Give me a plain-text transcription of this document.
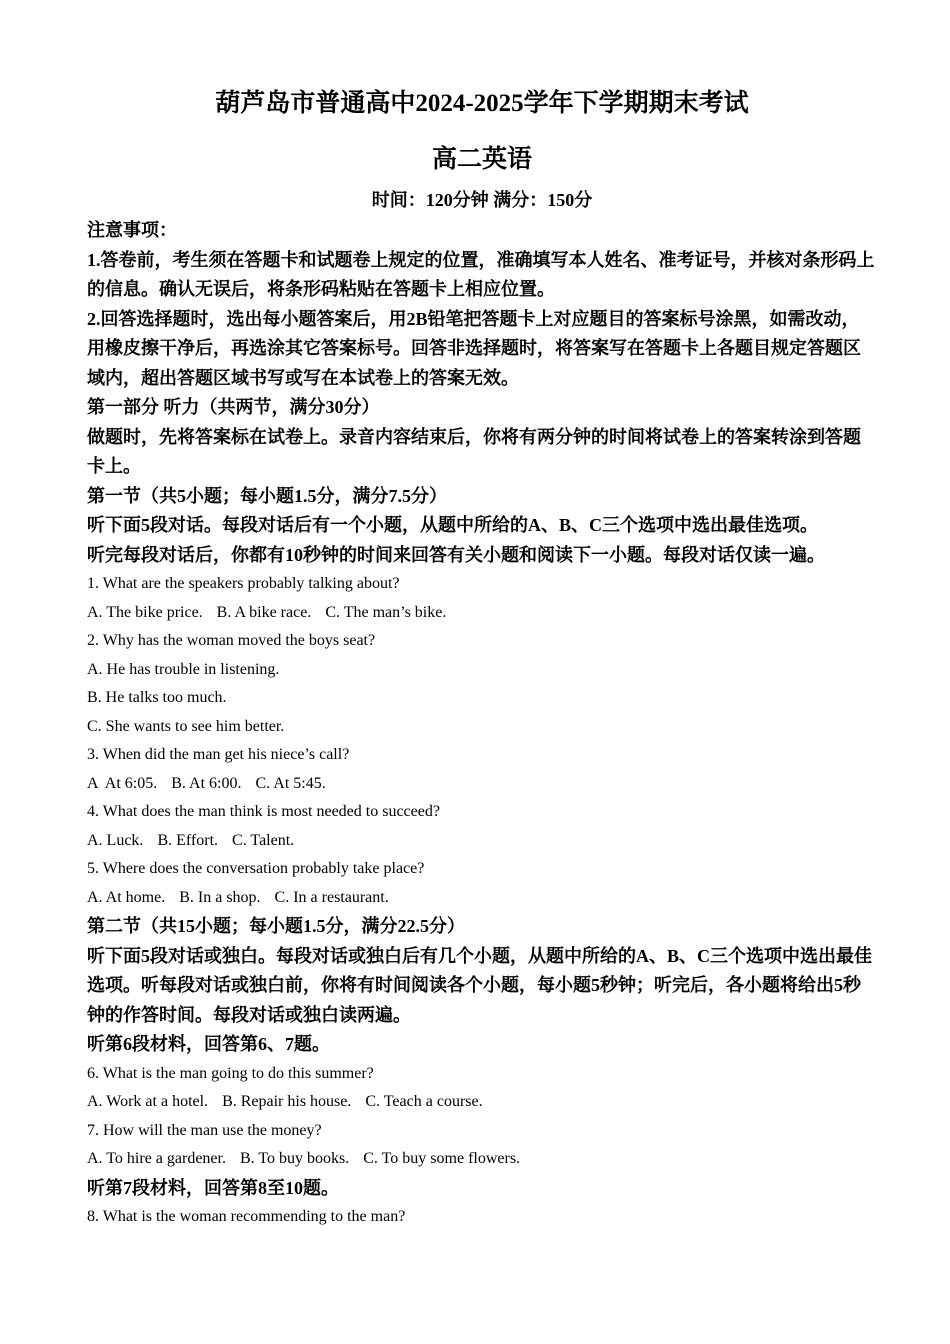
葫芦岛市普通高中2024-2025学年下学期期末考试
高二英语
时间：120分钟 满分：150分
注意事项：
1.答卷前，考生须在答题卡和试题卷上规定的位置，准确填写本人姓名、准考证号，并核对条形码上的信息。确认无误后，将条形码粘贴在答题卡上相应位置。
2.回答选择题时，选出每小题答案后，用2B铅笔把答题卡上对应题目的答案标号涂黑，如需改动，用橡皮擦干净后，再选涂其它答案标号。回答非选择题时，将答案写在答题卡上各题目规定答题区域内，超出答题区域书写或写在本试卷上的答案无效。
第一部分 听力（共两节，满分30分）
做题时，先将答案标在试卷上。录音内容结束后，你将有两分钟的时间将试卷上的答案转涂到答题卡上。
第一节（共5小题；每小题1.5分，满分7.5分）
听下面5段对话。每段对话后有一个小题，从题中所给的A、B、C三个选项中选出最佳选项。
听完每段对话后，你都有10秒钟的时间来回答有关小题和阅读下一小题。每段对话仅读一遍。
1. What are the speakers probably talking about?
A. The bike price. B. A bike race. C. The man’s bike.
2. Why has the woman moved the boys seat?
A. He has trouble in listening.
B. He talks too much.
C. She wants to see him better.
3. When did the man get his niece’s call?
A  At 6:05. B. At 6:00. C. At 5:45.
4. What does the man think is most needed to succeed?
A. Luck. B. Effort. C. Talent.
5. Where does the conversation probably take place?
A. At home. B. In a shop. C. In a restaurant.
第二节（共15小题；每小题1.5分，满分22.5分）
听下面5段对话或独白。每段对话或独白后有几个小题，从题中所给的A、B、C三个选项中选出最佳选项。听每段对话或独白前，你将有时间阅读各个小题，每小题5秒钟；听完后，各小题将给出5秒钟的作答时间。每段对话或独白读两遍。
听第6段材料，回答第6、7题。
6. What is the man going to do this summer?
A. Work at a hotel. B. Repair his house. C. Teach a course.
7. How will the man use the money?
A. To hire a gardener. B. To buy books. C. To buy some flowers.
听第7段材料，回答第8至10题。
8. What is the woman recommending to the man?
